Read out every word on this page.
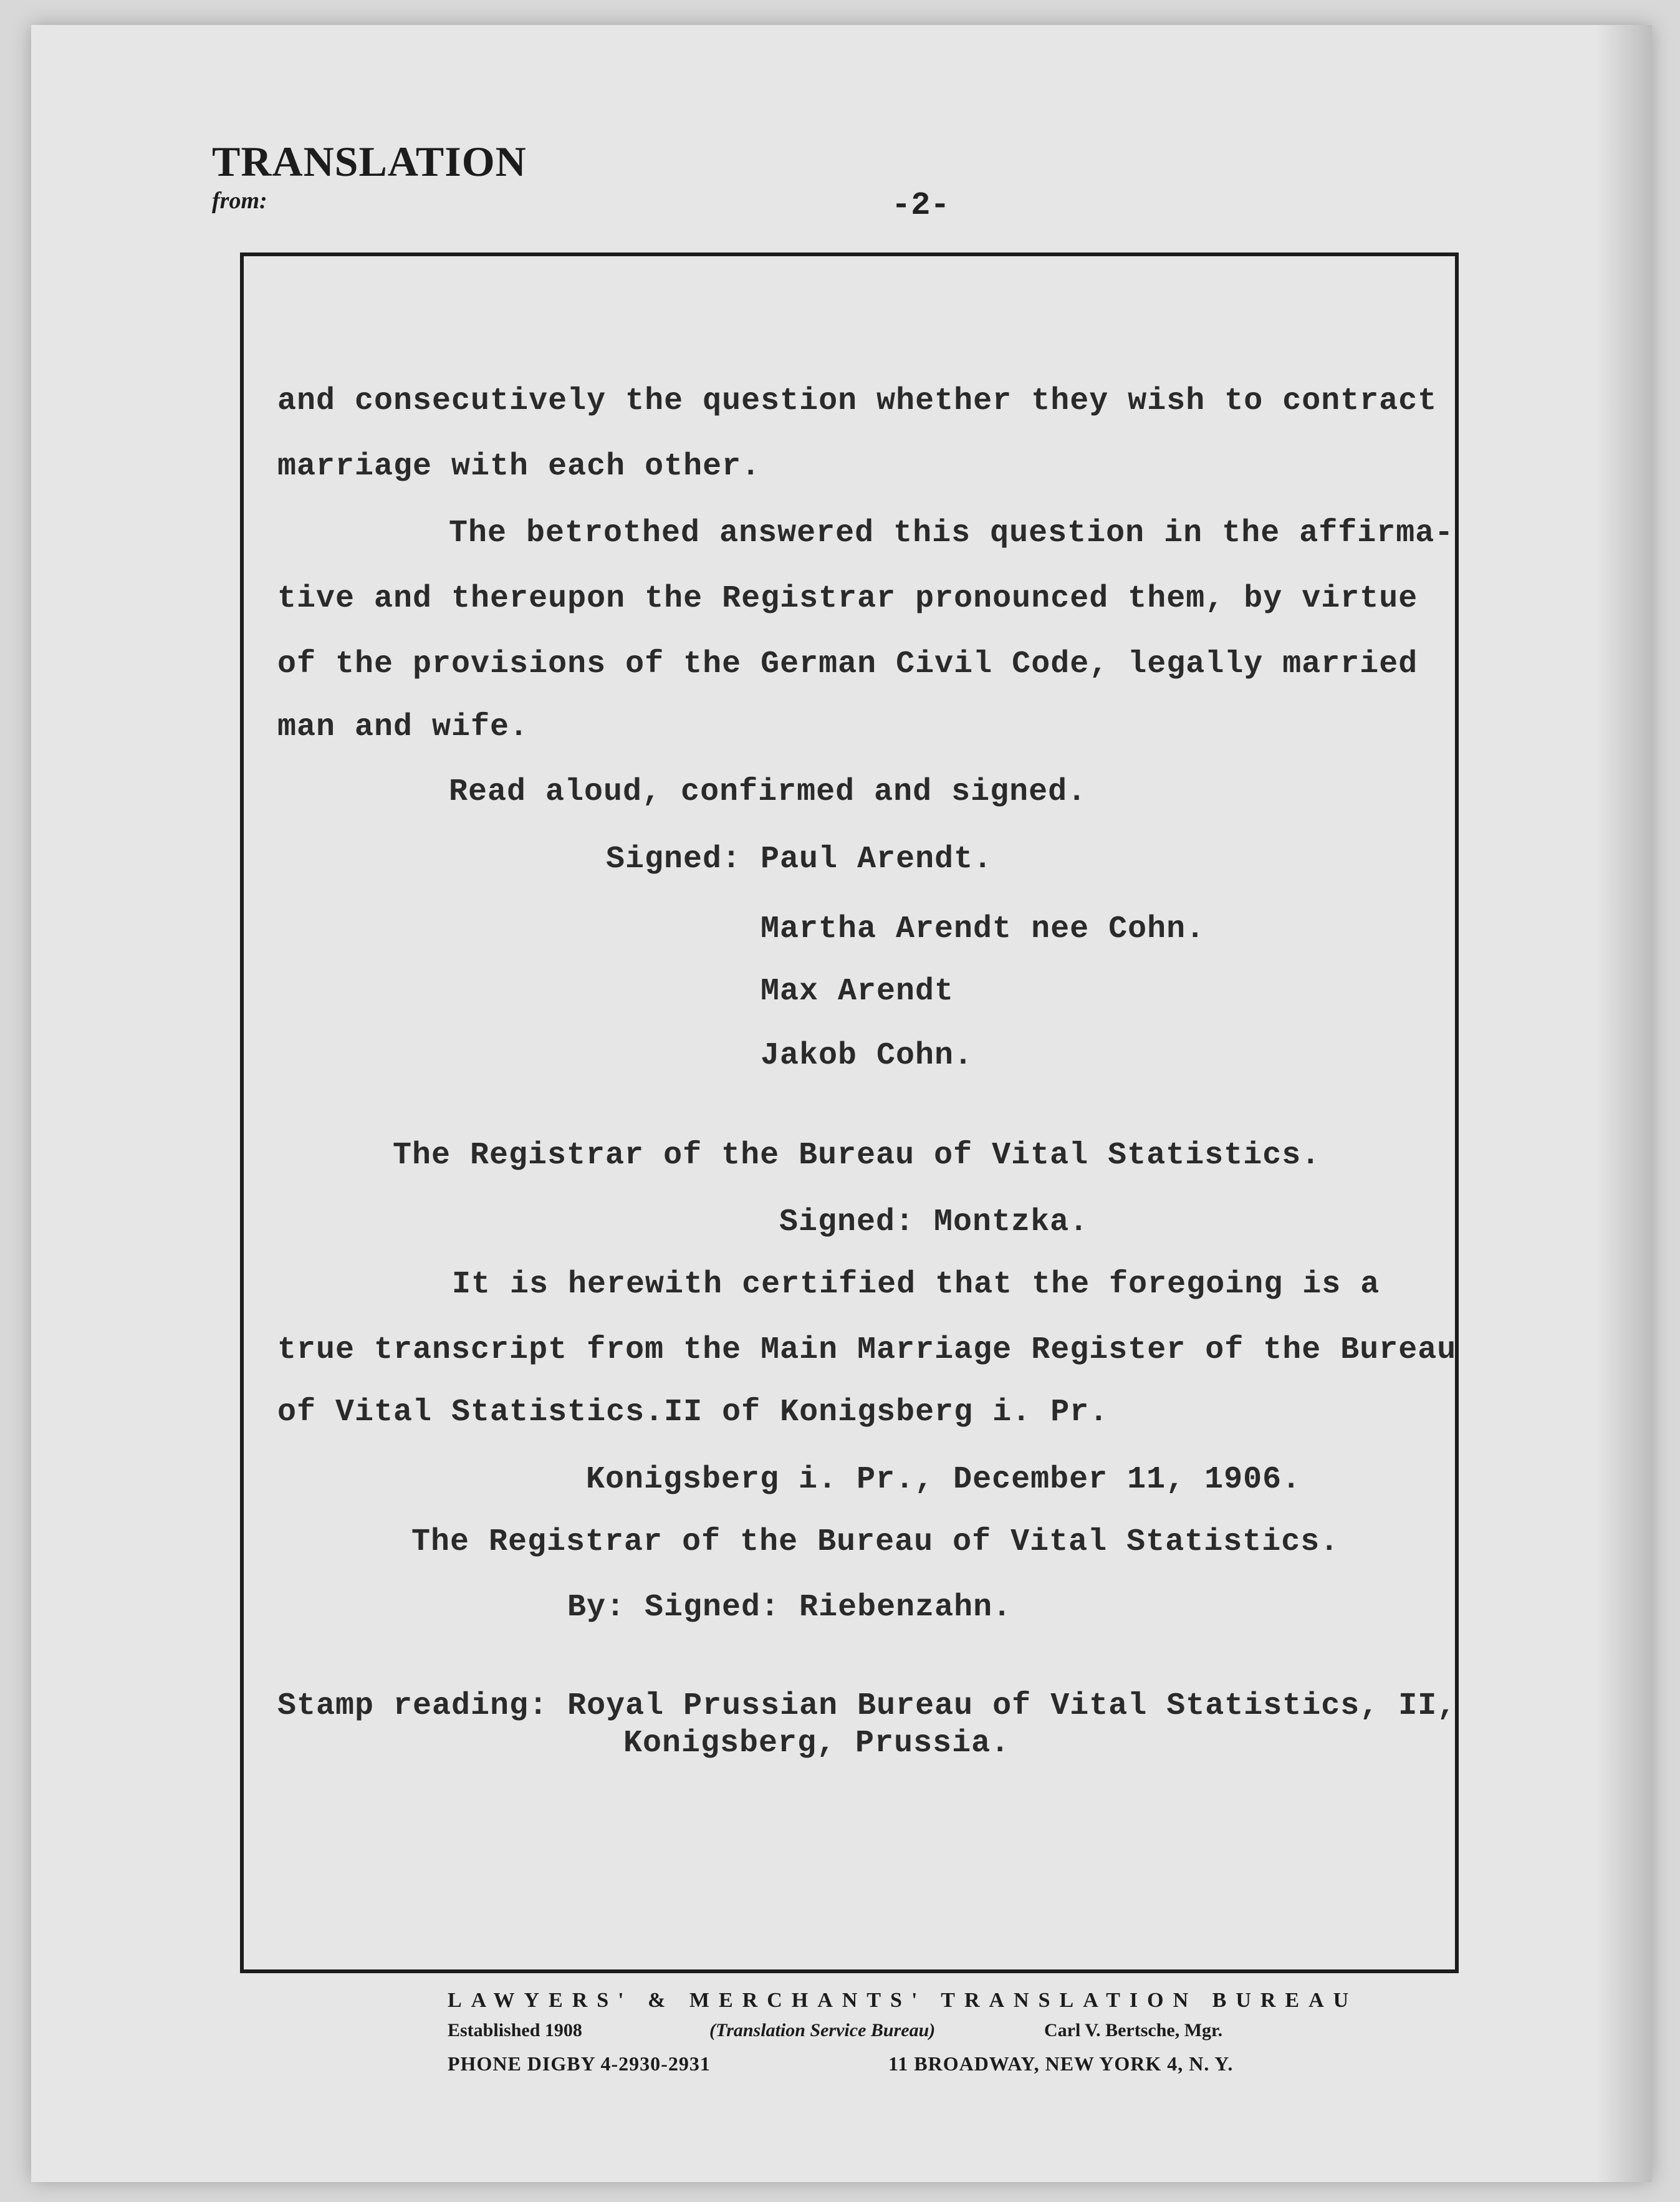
TRANSLATION
from:	-2-
and consecutively the question whether they wish to contract
marriage with each other.
The betrothed answered this question in the affirma-
tive and thereupon the Registrar pronounced them, by virtue
of the provisions of the German Civil Code, legally married
man and wife.
Read aloud, confirmed and signed.
Signed: Paul Arendt.
Martha Arendt nee Cohn.
Max Arendt
Jakob Cohn.
The Registrar of the Bureau of Vital Statistics.
Signed: Montzka.
It is herewith certified that the foregoing is a
true transcript from the Main Marriage Register of the Bureau
of Vital Statistics.II of Konigsberg i. Pr.
Konigsberg i. Pr., December 11, 1906.
The Registrar of the Bureau of Vital Statistics.
By: Signed: Riebenzahn.
Stamp reading: Royal Prussian Bureau of Vital Statistics, II,
Konigsberg, Prussia.
LAWYERS' & MERCHANTS' TRANSLATION BUREAU
Established 1908	(Translation Service Bureau)	Carl V. Bertsche, Mgr.
PHONE DIGBY 4-2930-2931	11 BROADWAY, NEW YORK 4, N. Y.
